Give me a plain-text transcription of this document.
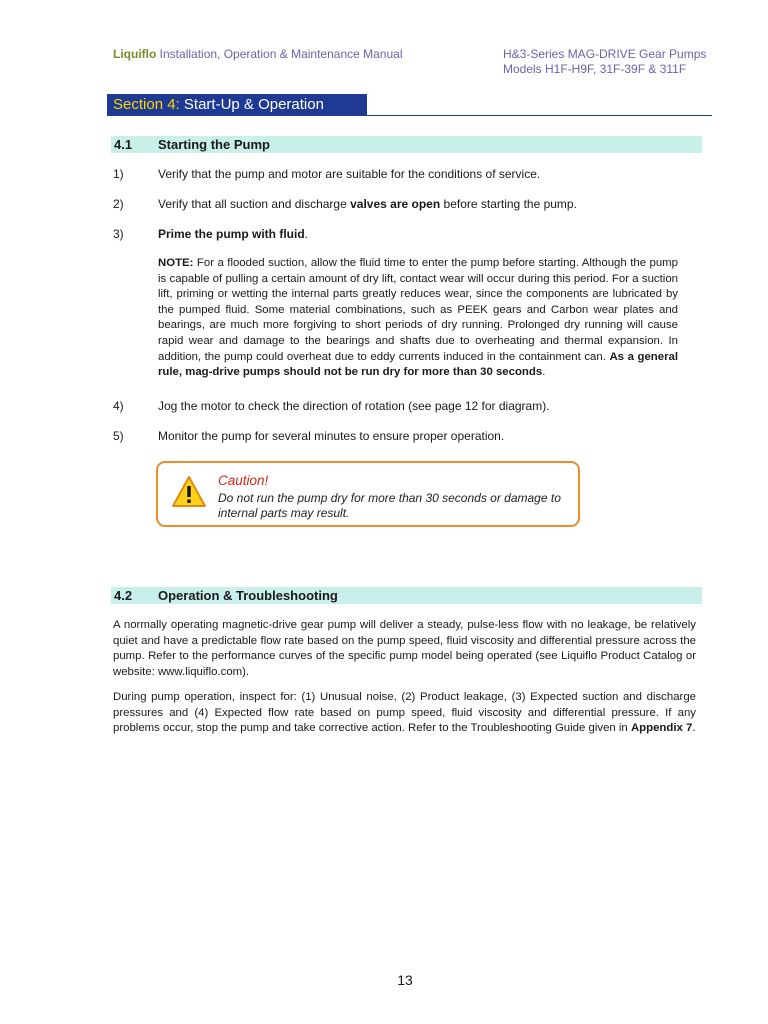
Liquiflo Installation, Operation & Maintenance Manual	H&3-Series MAG-DRIVE Gear Pumps
Models H1F-H9F, 31F-39F & 311F
Section 4: Start-Up & Operation
4.1 Starting the Pump
1)	Verify that the pump and motor are suitable for the conditions of service.
2)	Verify that all suction and discharge valves are open before starting the pump.
3)	Prime the pump with fluid.
NOTE: For a flooded suction, allow the fluid time to enter the pump before starting. Although the pump is capable of pulling a certain amount of dry lift, contact wear will occur during this period. For a suction lift, priming or wetting the internal parts greatly reduces wear, since the components are lubricated by the pumped fluid. Some material combinations, such as PEEK gears and Carbon wear plates and bearings, are much more forgiving to short periods of dry running. Prolonged dry running will cause rapid wear and damage to the bearings and shafts due to overheating and thermal expansion. In addition, the pump could overheat due to eddy currents induced in the containment can. As a general rule, mag-drive pumps should not be run dry for more than 30 seconds.
4)	Jog the motor to check the direction of rotation (see page 12 for diagram).
5)	Monitor the pump for several minutes to ensure proper operation.
Caution!
Do not run the pump dry for more than 30 seconds or damage to internal parts may result.
4.2 Operation & Troubleshooting
A normally operating magnetic-drive gear pump will deliver a steady, pulse-less flow with no leakage, be relatively quiet and have a predictable flow rate based on the pump speed, fluid viscosity and differential pressure across the pump. Refer to the performance curves of the specific pump model being operated (see Liquiflo Product Catalog or website: www.liquiflo.com).
During pump operation, inspect for: (1) Unusual noise, (2) Product leakage, (3) Expected suction and discharge pressures and (4) Expected flow rate based on pump speed, fluid viscosity and differential pressure. If any problems occur, stop the pump and take corrective action. Refer to the Troubleshooting Guide given in Appendix 7.
13
